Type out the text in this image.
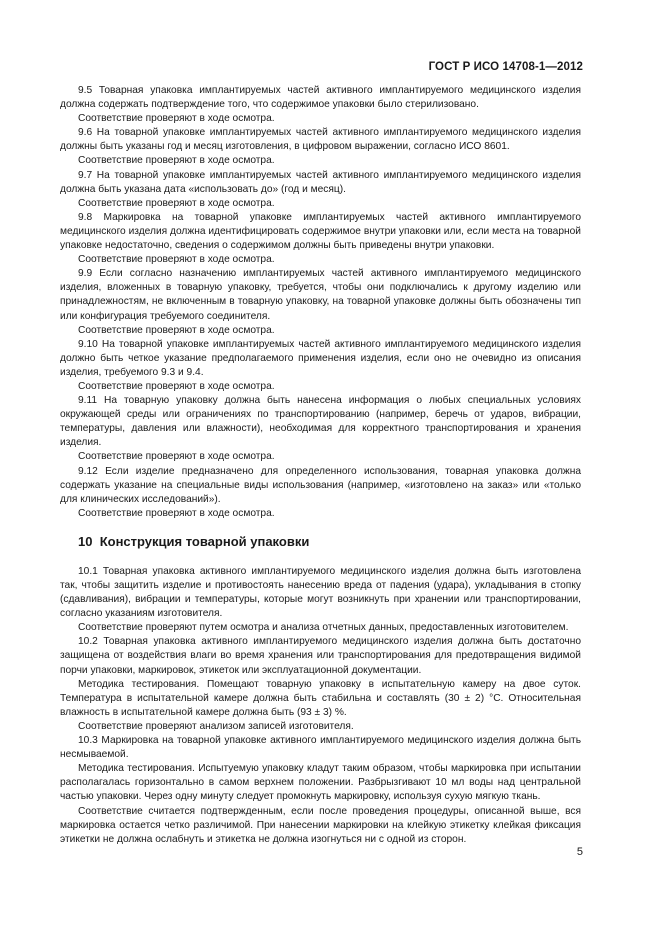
ГОСТ Р ИСО 14708-1—2012

9.5 Товарная упаковка имплантируемых частей активного имплантируемого медицинского изделия должна содержать подтверждение того, что содержимое упаковки было стерилизовано.

Соответствие проверяют в ходе осмотра.

9.6 На товарной упаковке имплантируемых частей активного имплантируемого медицинского изделия должны быть указаны год и месяц изготовления, в цифровом выражении, согласно ИСО 8601.

Соответствие проверяют в ходе осмотра.

9.7 На товарной упаковке имплантируемых частей активного имплантируемого медицинского изделия должна быть указана дата «использовать до» (год и месяц).

Соответствие проверяют в ходе осмотра.

9.8 Маркировка на товарной упаковке имплантируемых частей активного имплантируемого медицинского изделия должна идентифицировать содержимое внутри упаковки или, если места на товарной упаковке недостаточно, сведения о содержимом должны быть приведены внутри упаковки.

Соответствие проверяют в ходе осмотра.

9.9 Если согласно назначению имплантируемых частей активного имплантируемого медицинского изделия, вложенных в товарную упаковку, требуется, чтобы они подключались к другому изделию или принадлежностям, не включенным в товарную упаковку, на товарной упаковке должны быть обозначены тип или конфигурация требуемого соединителя.

Соответствие проверяют в ходе осмотра.

9.10 На товарной упаковке имплантируемых частей активного имплантируемого медицинского изделия должно быть четкое указание предполагаемого применения изделия, если оно не очевидно из описания изделия, требуемого 9.3 и 9.4.

Соответствие проверяют в ходе осмотра.

9.11 На товарную упаковку должна быть нанесена информация о любых специальных условиях окружающей среды или ограничениях по транспортированию (например, беречь от ударов, вибрации, температуры, давления или влажности), необходимая для корректного транспортирования и хранения изделия.

Соответствие проверяют в ходе осмотра.

9.12 Если изделие предназначено для определенного использования, товарная упаковка должна содержать указание на специальные виды использования (например, «изготовлено на заказ» или «только для клинических исследований»).

Соответствие проверяют в ходе осмотра.

10 Конструкция товарной упаковки

10.1 Товарная упаковка активного имплантируемого медицинского изделия должна быть изготовлена так, чтобы защитить изделие и противостоять нанесению вреда от падения (удара), укладывания в стопку (сдавливания), вибрации и температуры, которые могут возникнуть при хранении или транспортировании, согласно указаниям изготовителя.

Соответствие проверяют путем осмотра и анализа отчетных данных, предоставленных изготовителем.

10.2 Товарная упаковка активного имплантируемого медицинского изделия должна быть достаточно защищена от воздействия влаги во время хранения или транспортирования для предотвращения видимой порчи упаковки, маркировок, этикеток или эксплуатационной документации.

Методика тестирования. Помещают товарную упаковку в испытательную камеру на двое суток. Температура в испытательной камере должна быть стабильна и составлять (30 ± 2) °С. Относительная влажность в испытательной камере должна быть (93 ± 3) %.

Соответствие проверяют анализом записей изготовителя.

10.3 Маркировка на товарной упаковке активного имплантируемого медицинского изделия должна быть несмываемой.

Методика тестирования. Испытуемую упаковку кладут таким образом, чтобы маркировка при испытании располагалась горизонтально в самом верхнем положении. Разбрызгивают 10 мл воды над центральной частью упаковки. Через одну минуту следует промокнуть маркировку, используя сухую мягкую ткань.

Соответствие считается подтвержденным, если после проведения процедуры, описанной выше, вся маркировка остается четко различимой. При нанесении маркировки на клейкую этикетку клейкая фиксация этикетки не должна ослабнуть и этикетка не должна изогнуться ни с одной из сторон.

5
